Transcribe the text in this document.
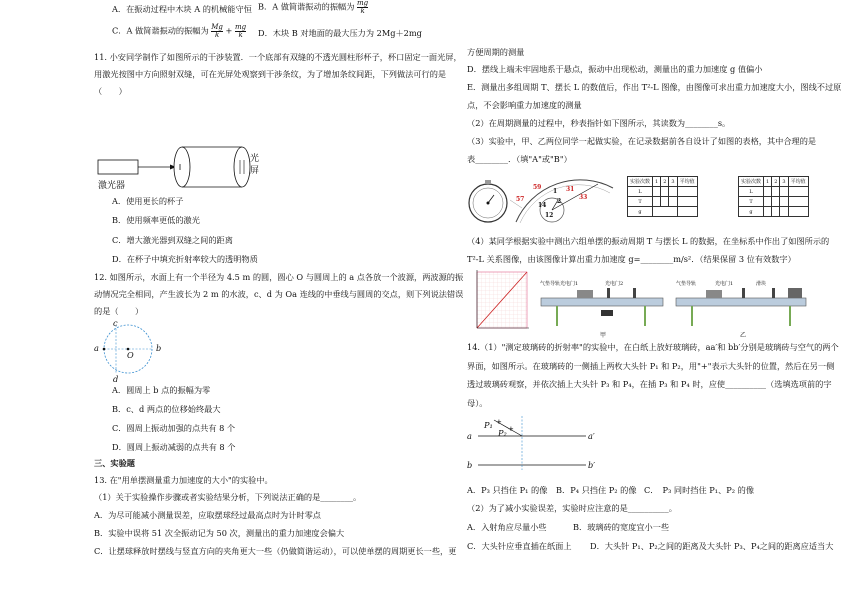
A．在振动过程中木块 A 的机械能守恒 B．A 做简谐振动的振幅为 $\frac{mg}{k}$
C．A 做简谐振动的振幅为 $\frac{Mg}{k} + \frac{mg}{k}$ D．木块 B 对地面的最大压力为 2Mg＋2mg
11. 小安同学制作了如图所示的干涉装置．一个底部有双缝的不透光圆柱形杯子，杯口固定一面光屏，
用激光按图中方向照射双缝，可在光屏处观察到干涉条纹，为了增加条纹间距，下列做法可行的是
（　　）
激光器
光
屏
A．使用更长的杯子
B．使用频率更低的激光
C．增大激光器到双缝之间的距离
D．在杯子中填充折射率较大的透明物质
12. 如图所示，水面上有一个半径为 4.5 m 的圆，圆心 O 与圆周上的 a 点各放一个波源，两波源的振
动情况完全相同，产生波长为 2 m 的水波，c、d 为 Oa 连线的中垂线与圆周的交点，则下列说法错误
的是（　　）
c
a	b
O
d
A．圆周上 b 点的振幅为零
B．c、d 两点的位移始终最大
C．圆周上振动加强的点共有 8 个
D．圆周上振动减弱的点共有 8 个
三、实验题
13. 在"用单摆测量重力加速度的大小"的实验中。
（1）关于实验操作步骤或者实验结果分析，下列说法正确的是________。
A．为尽可能减小测量误差，应取摆球经过最高点时为计时零点
B．实验中误将 51 次全振动记为 50 次，测量出的重力加速度会偏大
C．让摆球释放时摆线与竖直方向的夹角更大一些（仍做简谐运动），可以使单摆的周期更长一些，更
方便周期的测量
D．摆线上端未牢固地系于悬点，振动中出现松动，测量出的重力加速度 g 值偏小
E．测量出多组周期 T、摆长 L 的数值后，作出 T²-L 图像，由图像可求出重力加速度大小，图线不过原
点，不会影响重力加速度的测量
（2）在周期测量的过程中，秒表指针如下图所示，其读数为________s。
（3）实验中，甲、乙两位同学一起做实验，在记录数据前各自设计了如图的表格，其中合理的是
表________．（填"A"或"B"）
57
59	31
33
14
1
2
12
实验次数	1	2	3	平均值
L				
T				
g				
实验次数	1	2	3	平均值
L				
T				
g				
（4）某同学根据实验中测出六组单摆的振动周期 T 与摆长 L 的数据，在坐标系中作出了如图所示的
T²-L 关系图像，由该图像计算出重力加速度 g=________m/s²．（结果保留 3 位有效数字）
光电门1	光电门2
气垫导轨
甲
气垫导轨	光电门1	滑块
乙
14.（1）"测定玻璃砖的折射率"的实验中，在白纸上放好玻璃砖，aa′和 bb′分别是玻璃砖与空气的两个
界面，如图所示。在玻璃砖的一侧插上两枚大头针 P₁ 和 P₂，用"+"表示大头针的位置，然后在另一侧
透过玻璃砖观察，并依次插上大头针 P₃ 和 P₄，在插 P₃ 和 P₄ 时，应使__________（选填选项前的字
母）。
+
+
P₁
P₂
a	a′
b	b′
A．P₃ 只挡住 P₁ 的像 B．P₄ 只挡住 P₂ 的像 C．　P₃ 同时挡住 P₁、P₂ 的像
（2）为了减小实验误差，实验时应注意的是__________。
A．入射角应尽量小些	B．玻璃砖的宽度宜小一些
C．大头针应垂直插在纸面上 D．大头针 P₁、P₂之间的距离及大头针 P₃、P₄之间的距离应适当大
